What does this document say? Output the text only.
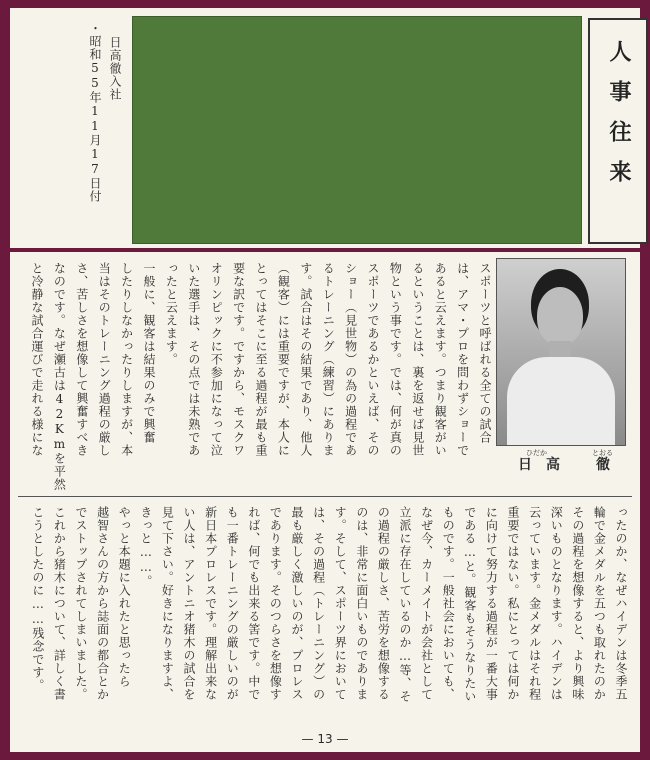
・昭和55年11月17日付 日高徹入社	人事往来
日
ひだか
高	徹
とおる
スポーツと呼ばれる全ての試合
は、アマ・プロを問わずショーで
あると云えます。つまり観客がい
るということは、裏を返せば見世
物という事です。では、何が真の
スポーツであるかといえば、その
ショー（見世物）の為の過程であ
るトレーニング（練習）にありま
す。試合はその結果であり、他人
（観客）には重要ですが、本人に
とってはそこに至る過程が最も重
要な訳です。ですから、モスクワ
オリンピックに不参加になって泣
いた選手は、その点では未熟であ
ったと云えます。
一般に、観客は結果のみで興奮
したりしなかったりしますが、本
当はそのトレーニング過程の厳し
さ、苦しさを想像して興奮すべき
なのです。なぜ瀬古は42Kmを平然
と冷静な試合運びで走れる様にな
ったのか、なぜハイデンは冬季五
輪で金メダルを五つも取れたのか
その過程を想像すると、より興味
深いものとなります。ハイデンは
云っています。金メダルはそれ程
重要ではない。私にとっては何か
に向けて努力する過程が一番大事
である…と。観客もそうなりたい
ものです。一般社会においても、
なぜ今、カーメイトが会社として
立派に存在しているのか…等、そ
の過程の厳しさ、苦労を想像する
のは、非常に面白いものでありま
す。そして、スポーツ界において
は、その過程（トレーニング）の
最も厳しく激しいのが、プロレス
であります。そのつらさを想像す
れば、何でも出来る筈です。中で
も一番トレーニングの厳しいのが
新日本プロレスです。理解出来な
い人は、アントニオ猪木の試合を
見て下さい。好きになりますよ、
きっと……。
やっと本題に入れたと思ったら
越智さんの方から誌面の都合とか
でストップされてしまいました。
これから猪木について、詳しく書
こうとしたのに……残念です。
— 13 —
